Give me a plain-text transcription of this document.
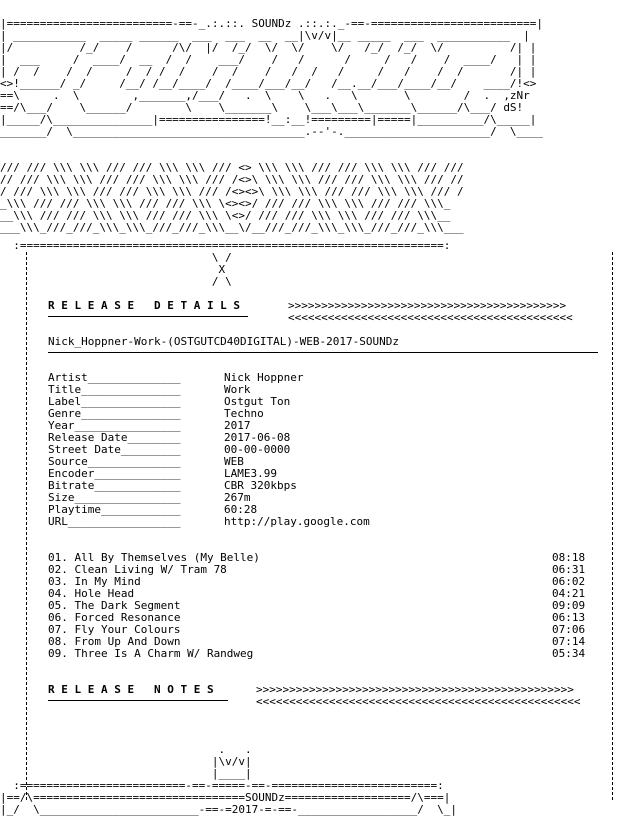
|=========================-==-_.:.::. SOUNDz .::.:._-==-=========================|
| ___________  _____ ______  ___  ___  __  __|\v/v|__ _____  ___  ___________  |
|/          /_/    /      /\/  |/  /_/  \/  \/    \/   /_/  /_/  \/          /| |
|  ___     /  ____/  __  /  /    ___/    /   /      /     /   /    /  ____/   | |
| /  /    /  /     /  / /  /    /  /    /   /  /   /     /   /    /  /       /| |
<>!______/ _/     /__/ /__/____/  /____/___/__/   /__.__/___/____/__/    ____/!<>
==\     .  \        ,_______,/___/   .  \    \   .   \       \        /  .  ,zNr
==/\___/    \______/        \    \_______\    \___\___\_______\______/\___/ dS!
|_____/\_______________|================!__:__!=========|=====|__________/\_____|
_______/  \___________________________________.--'-.______________________/  \____

/// /// \\\ \\\ /// /// \\\ \\\ /// <> \\\ \\\ /// /// \\\ \\\ /// ///
// /// \\\ \\\ /// /// \\\ \\\ /// /<>\ \\\ \\\ /// /// \\\ \\\ /// //
/ /// \\\ \\\ /// /// \\\ \\\ /// /<><>\ \\\ \\\ /// /// \\\ \\\ /// /
_\\\ /// /// \\\ \\\ /// /// \\\ \<><>/ /// /// \\\ \\\ /// /// \\\_
__\\\ /// /// \\\ \\\ /// /// \\\ \<>/ /// /// \\\ \\\ /// /// \\\__
___\\\_///_///_\\\_\\\_///_///_\\\__\/__///_///_\\\_\\\_///_///_\\\___

:================================================================:
\ /
X
/ \

R E L E A S E   D E T A I L S

	>>>>>>>>>>>>>>>>>>>>>>>>>>>>>>>>>>>>>>>>>>

<<<<<<<<<<<<<<<<<<<<<<<<<<<<<<<<<<<<<<<<<<<

Nick_Hoppner-Work-(OSTGUTCD40DIGITAL)-WEB-2017-SOUNDz

Artist______________	Nick Hoppner

Title_______________	Work

Label_______________	Ostgut Ton

Genre_______________	Techno

Year________________	2017

Release Date________	2017-06-08

Street Date_________	00-00-0000

Source______________	WEB

Encoder_____________	LAME3.99

Bitrate_____________	CBR 320kbps

Size________________	267m

Playtime____________	60:28

URL_________________	http://play.google.com

01. All By Themselves (My Belle)	08:18

02. Clean Living W/ Tram 78	06:31

03. In My Mind	06:02

04. Hole Head	04:21

05. The Dark Segment	09:09

06. Forced Resonance	06:13

07. Fly Your Colours	07:06

08. From Up And Down	07:14

09. Three Is A Charm W/ Randweg	05:34

R E L E A S E   N O T E S

	>>>>>>>>>>>>>>>>>>>>>>>>>>>>>>>>>>>>>>>>>>>>>>>>

<<<<<<<<<<<<<<<<<<<<<<<<<<<<<<<<<<<<<<<<<<<<<<<<<

.   .
|\v/v|
|____|
:=========================-==-=====-==-=========================:
|==/\================================SOUNDz===================/\===|
|_/  \________________________-==-=2017-=-==-__________________/  \_|
